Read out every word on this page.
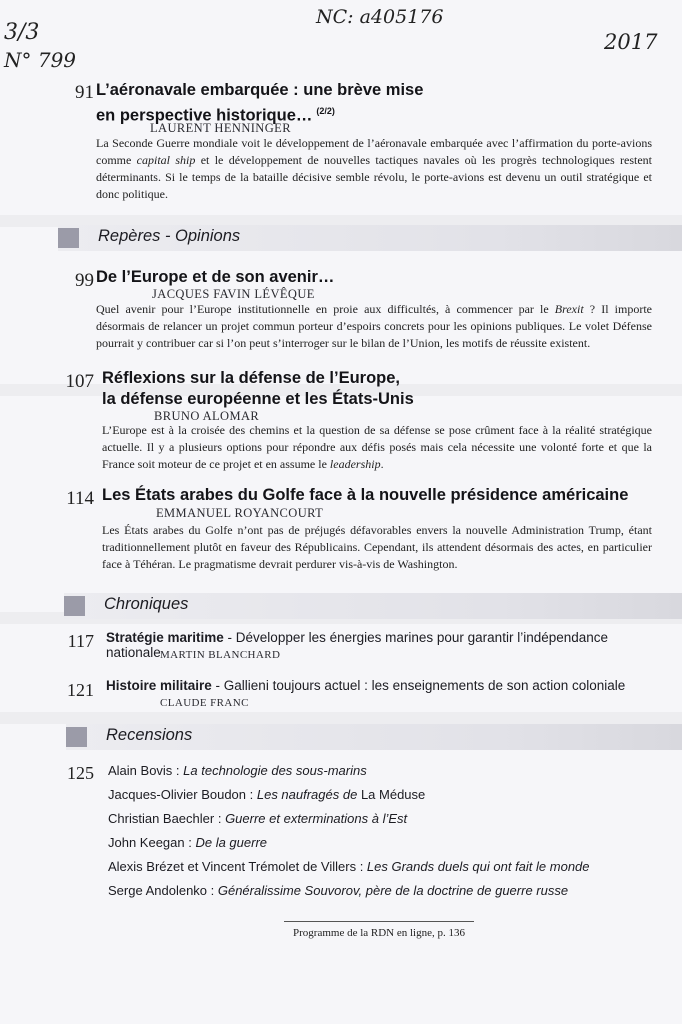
3/3
N° 799
NC: a405176
2017
91 L’aéronavale embarquée : une brève mise en perspective historique… $^{(2/2)}$
LAURENT HENNINGER
La Seconde Guerre mondiale voit le développement de l’aéronavale embarquée avec l’affirmation du porte-avions comme capital ship et le développement de nouvelles tactiques navales où les progrès technologiques restent déterminants. Si le temps de la bataille décisive semble révolu, le porte-avions est devenu un outil stratégique et donc politique.
Repères - Opinions
99 De l’Europe et de son avenir…
JACQUES FAVIN LÉVÊQUE
Quel avenir pour l’Europe institutionnelle en proie aux difficultés, à commencer par le Brexit ? Il importe désormais de relancer un projet commun porteur d’espoirs concrets pour les opinions publiques. Le volet Défense pourrait y contribuer car si l’on peut s’interroger sur le bilan de l’Union, les motifs de réussite existent.
107 Réflexions sur la défense de l’Europe,
la défense européenne et les États-Unis
BRUNO ALOMAR
L’Europe est à la croisée des chemins et la question de sa défense se pose crûment face à la réalité stratégique actuelle. Il y a plusieurs options pour répondre aux défis posés mais cela nécessite une volonté forte et que la France soit moteur de ce projet et en assume le leadership.
114 Les États arabes du Golfe face à la nouvelle présidence américaine
EMMANUEL ROYANCOURT
Les États arabes du Golfe n’ont pas de préjugés défavorables envers la nouvelle Administration Trump, étant traditionnellement plutôt en faveur des Républicains. Cependant, ils attendent désormais des actes, en particulier face à Téhéran. Le pragmatisme devrait perdurer vis-à-vis de Washington.
Chroniques
117 Stratégie maritime - Développer les énergies marines pour garantir l’indépendance nationale MARTIN BLANCHARD
121 Histoire militaire - Gallieni toujours actuel : les enseignements de son action coloniale
CLAUDE FRANC
Recensions
125 Alain Bovis : La technologie des sous-marins
Jacques-Olivier Boudon : Les naufragés de La Méduse
Christian Baechler : Guerre et exterminations à l’Est
John Keegan : De la guerre
Alexis Brézet et Vincent Trémolet de Villers : Les Grands duels qui ont fait le monde
Serge Andolenko : Généralissime Souvorov, père de la doctrine de guerre russe
Programme de la RDN en ligne, p. 136
